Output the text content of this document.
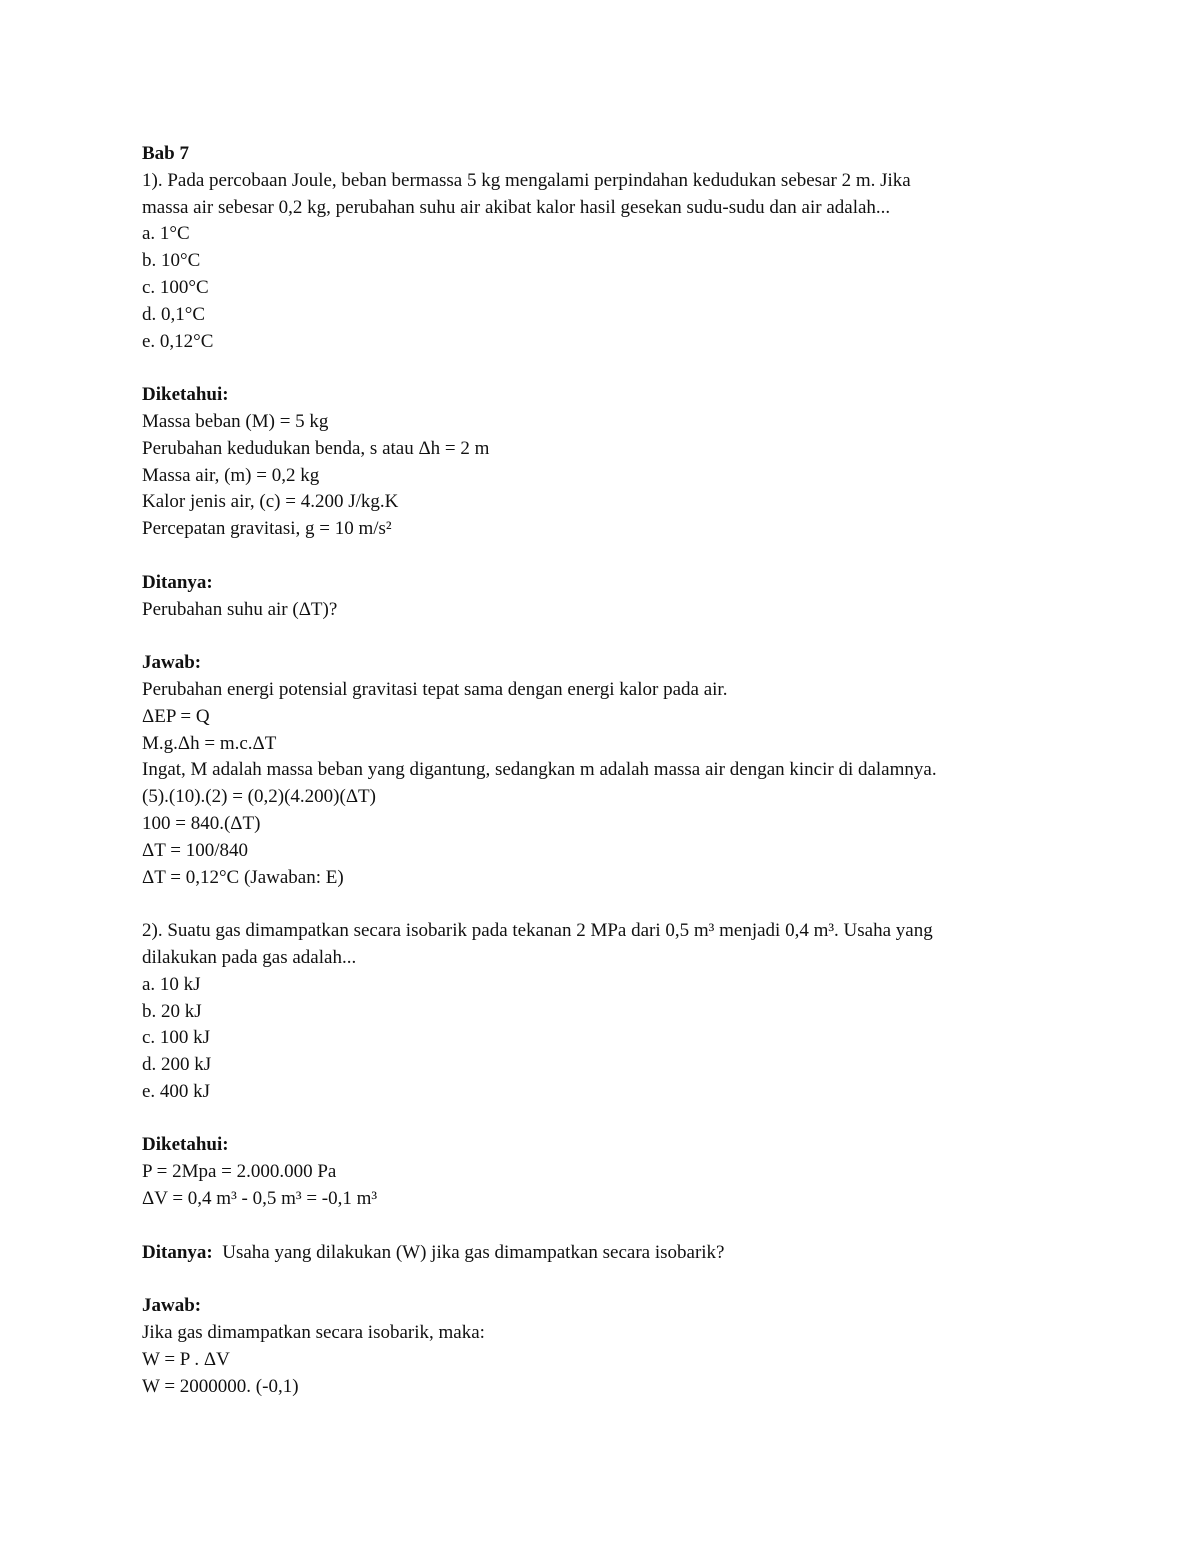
Bab 7

1). Pada percobaan Joule, beban bermassa 5 kg mengalami perpindahan kedudukan sebesar 2 m. Jika

massa air sebesar 0,2 kg, perubahan suhu air akibat kalor hasil gesekan sudu-sudu dan air adalah...

a. 1°C

b. 10°C

c. 100°C

d. 0,1°C

e. 0,12°C

Diketahui:

Massa beban (M) = 5 kg

Perubahan kedudukan benda, s atau Δh = 2 m

Massa air, (m) = 0,2 kg

Kalor jenis air, (c) = 4.200 J/kg.K

Percepatan gravitasi, g = 10 m/s²

Ditanya:

Perubahan suhu air (ΔT)?

Jawab:

Perubahan energi potensial gravitasi tepat sama dengan energi kalor pada air.

ΔEP = Q

M.g.Δh = m.c.ΔT

Ingat, M adalah massa beban yang digantung, sedangkan m adalah massa air dengan kincir di dalamnya.

(5).(10).(2) = (0,2)(4.200)(ΔT)

100 = 840.(ΔT)

ΔT = 100/840

ΔT = 0,12°C (Jawaban: E)

2). Suatu gas dimampatkan secara isobarik pada tekanan 2 MPa dari 0,5 m³ menjadi 0,4 m³. Usaha yang

dilakukan pada gas adalah...

a. 10 kJ

b. 20 kJ

c. 100 kJ

d. 200 kJ

e. 400 kJ

Diketahui:

P = 2Mpa = 2.000.000 Pa

ΔV = 0,4 m³ - 0,5 m³ = -0,1 m³

Ditanya: Usaha yang dilakukan (W) jika gas dimampatkan secara isobarik?

Jawab:

Jika gas dimampatkan secara isobarik, maka:

W = P . ΔV

W = 2000000. (-0,1)
